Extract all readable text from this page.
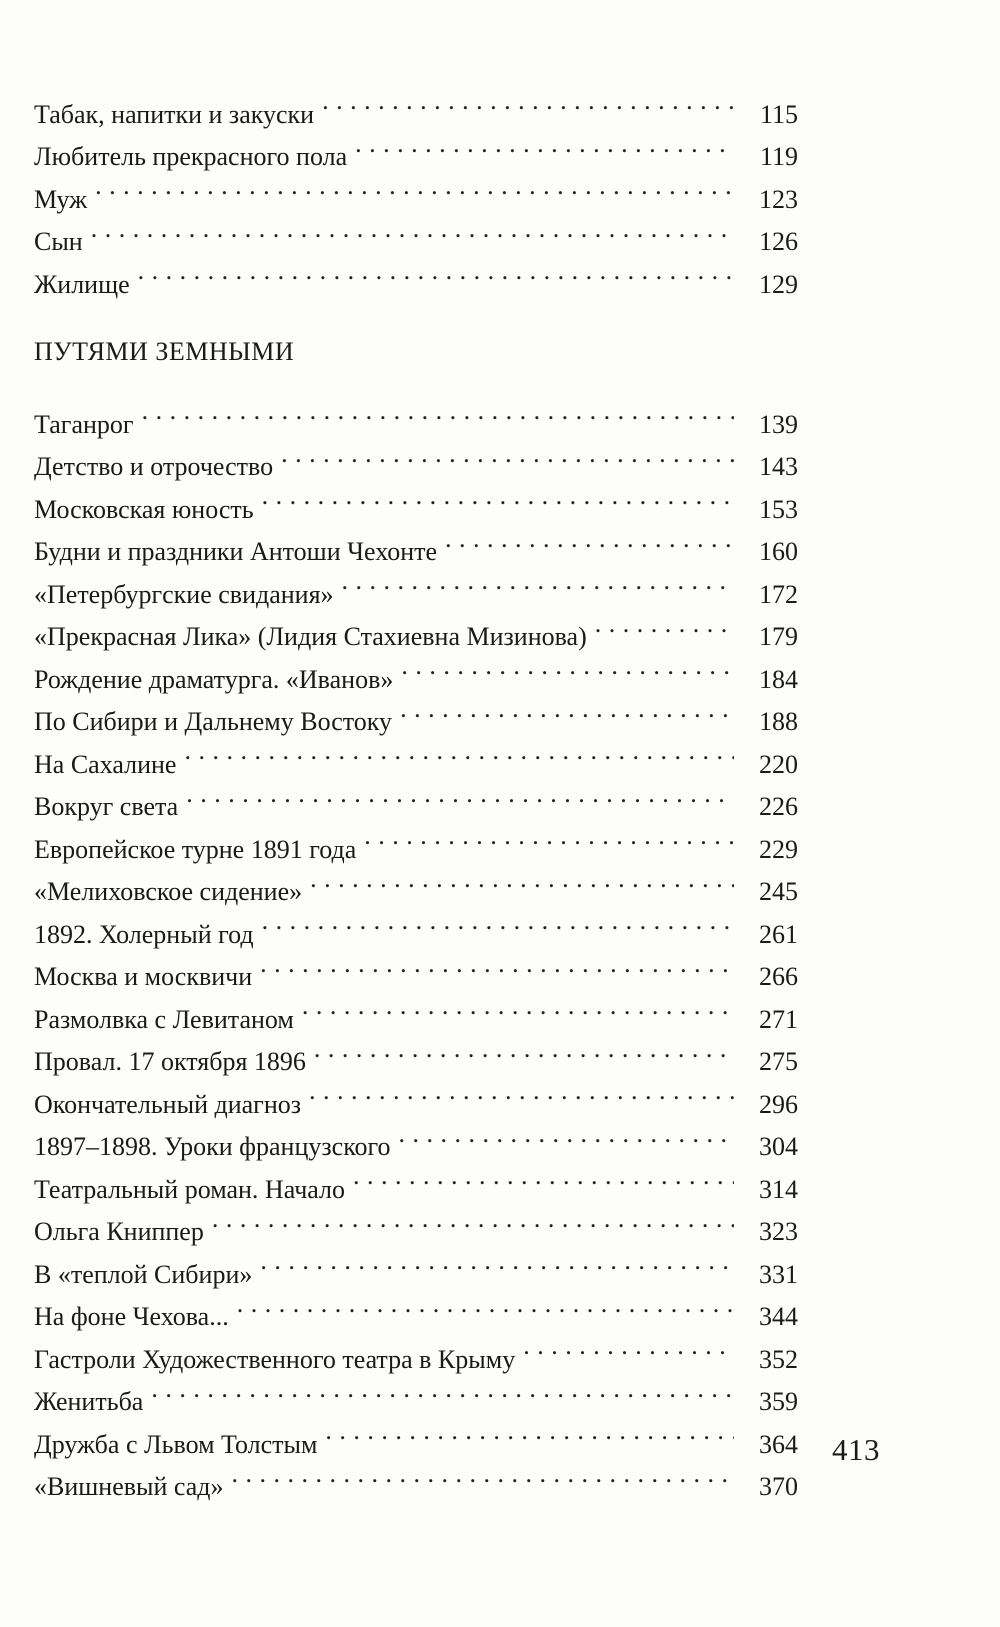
Табак, напитки и закуски . . .	115
Любитель прекрасного пола . . .	119
Муж . . .	123
Сын . . .	126
Жилище . . .	129
ПУТЯМИ ЗЕМНЫМИ
Таганрог . . .	139
Детство и отрочество . . .	143
Московская юность . . .	153
Будни и праздники Антоши Чехонте . . .	160
«Петербургские свидания» . . .	172
«Прекрасная Лика» (Лидия Стахиевна Мизинова) . . .	179
Рождение драматурга. «Иванов» . . .	184
По Сибири и Дальнему Востоку . . .	188
На Сахалине . . .	220
Вокруг света . . .	226
Европейское турне 1891 года . . .	229
«Мелиховское сидение» . . .	245
1892. Холерный год . . .	261
Москва и москвичи . . .	266
Размолвка с Левитаном . . .	271
Провал. 17 октября 1896 . . .	275
Окончательный диагноз . . .	296
1897–1898. Уроки французского . . .	304
Театральный роман. Начало . . .	314
Ольга Книппер . . .	323
В «теплой Сибири» . . .	331
На фоне Чехова... . . .	344
Гастроли Художественного театра в Крыму . . .	352
Женитьба . . .	359
Дружба с Львом Толстым . . .	364
«Вишневый сад» . . .	370
413
